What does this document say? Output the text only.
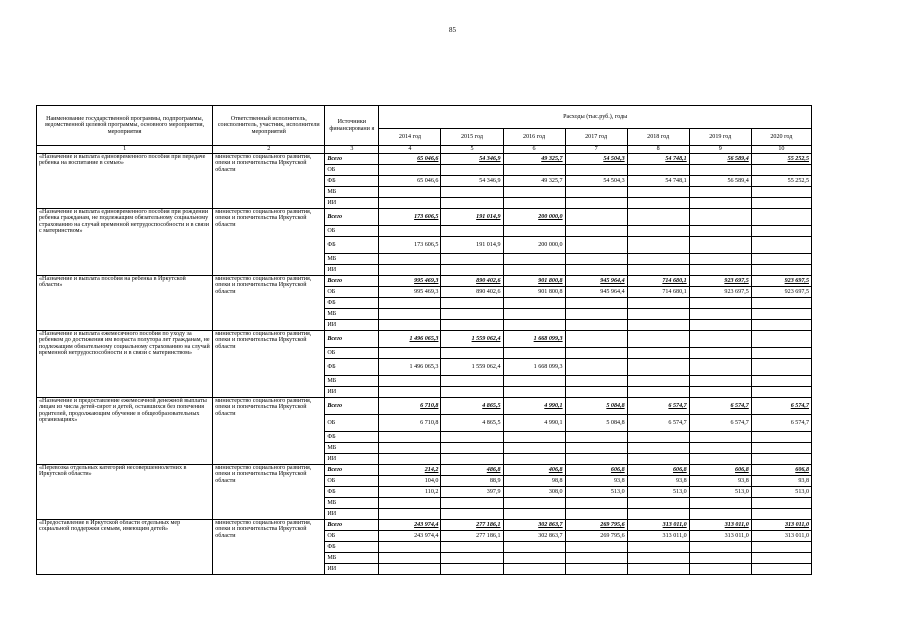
85
Наименование государственной программы, подпрограммы, ведомственной целевой программы, основного мероприятия, мероприятия	Ответственный исполнитель, соисполнитель, участник, исполнители мероприятий	Источники финансировани я	Расходы (тыс.руб.), годы						
			2014 год	2015 год	2016 год	2017 год	2018 год	2019 год	2020 год
1	2	3	4	5	6	7	8	9	10
«Назначение и выплата единовременного пособия при передаче ребенка на воспитание в семью»	министерство социального развития, опеки и попечительства Иркутской области	Всего	65 046,6	54 346,9	49 325,7	54 504,3	54 748,1	56 589,4	55 252,5
		ОБ							
		ФБ	65 046,6	54 346,9	49 325,7	54 504,3	54 748,1	56 589,4	55 252,5
		МБ							
		ИИ							
«Назначение и выплата единовременного пособия при рождении ребенка гражданам, не подлежащим обязательному социальному страхованию на случай временной нетрудоспособности и в связи с материнством»	министерство социального развития, опеки и попечительства Иркутской области	Всего	173 606,5	191 014,9	200 000,0				
		ОБ							
		ФБ	173 606,5	191 014,9	200 000,0				
		МБ							
		ИИ							
«Назначение и выплата пособия на ребенка в Иркутской области»	министерство социального развития, опеки и попечительства Иркутской области	Всего	995 469,3	890 402,6	901 800,8	945 964,4	714 680,1	923 697,5	923 697,5
		ОБ	995 469,3	890 402,6	901 800,8	945 964,4	714 680,1	923 697,5	923 697,5
		ФБ							
		МБ							
		ИИ							
«Назначение и выплата ежемесячного пособия по уходу за ребенком до достижения им возраста полутора лет гражданам, не подлежащим обязательному социальному страхованию на случай временной нетрудоспособности и в связи с материнством»	министерство социального развития, опеки и попечительства Иркутской области	Всего	1 496 065,3	1 559 062,4	1 668 099,3				
		ОБ							
		ФБ	1 496 065,3	1 559 062,4	1 668 099,3				
		МБ							
		ИИ							
«Назначение и предоставление ежемесячной денежной выплаты лицам из числа детей-сирот и детей, оставшихся без попечения родителей, продолжающим обучение в общеобразовательных организациях»	министерство социального развития, опеки и попечительства Иркутской области	Всего	6 710,8	4 865,5	4 990,1	5 084,8	6 574,7	6 574,7	6 574,7
		ОБ	6 710,8	4 865,5	4 990,1	5 084,8	6 574,7	6 574,7	6 574,7
		ФБ							
		МБ							
		ИИ							
«Перевозка отдельных категорий несовершеннолетних в Иркутской области»	министерство социального развития, опеки и попечительства Иркутской области	Всего	214,2	486,8	406,8	606,8	606,8	606,8	606,8
		ОБ	104,0	88,9	98,8	93,8	93,8	93,8	93,8
		ФБ	110,2	397,9	308,0	513,0	513,0	513,0	513,0
		МБ							
		ИИ							
«Предоставление в Иркутской области отдельных мер социальной поддержки семьям, имеющим детей»	министерство социального развития, опеки и попечительства Иркутской области	Всего	243 974,4	277 186,1	302 863,7	269 795,6	313 011,0	313 011,0	313 011,0
		ОБ	243 974,4	277 186,1	302 863,7	269 795,6	313 011,0	313 011,0	313 011,0
		ФБ							
		МБ							
		ИИ							
